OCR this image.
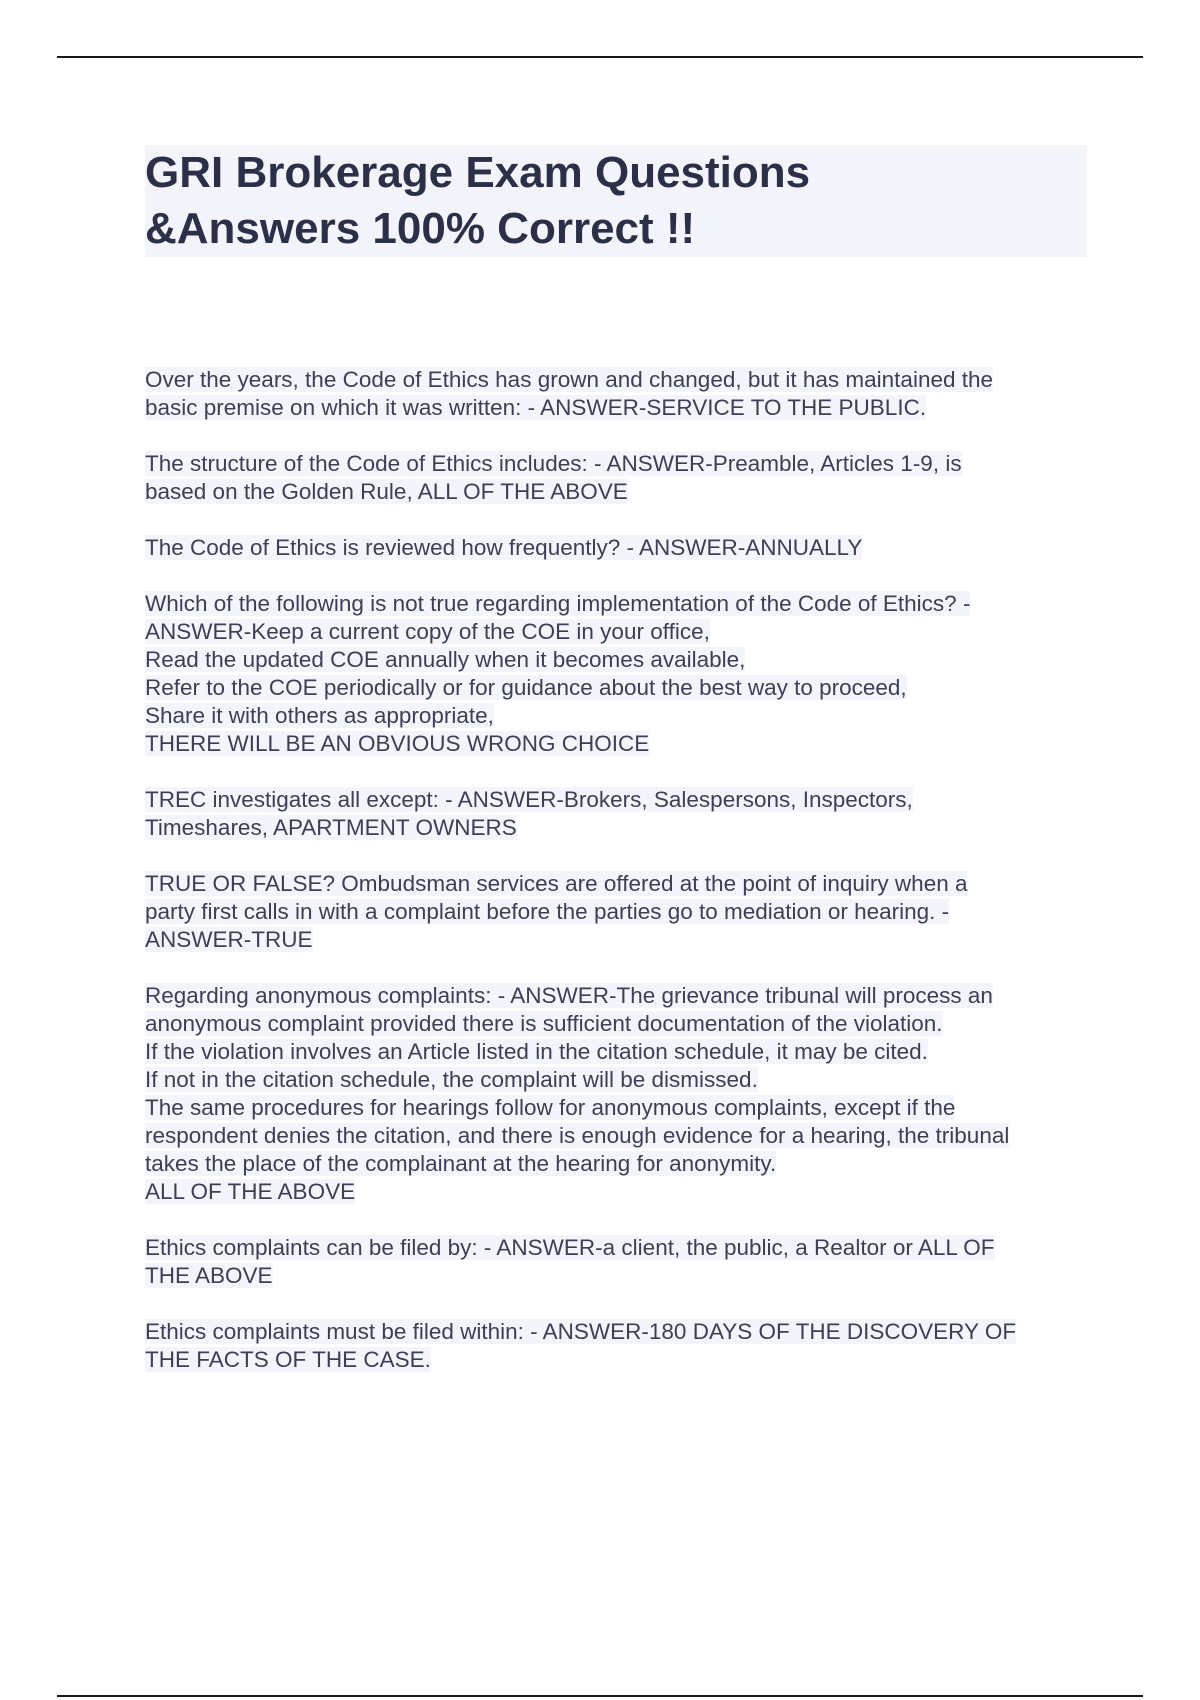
GRI Brokerage Exam Questions
&Answers 100% Correct !!
Over the years, the Code of Ethics has grown and changed, but it has maintained the
basic premise on which it was written: - ANSWER-SERVICE TO THE PUBLIC.
The structure of the Code of Ethics includes: - ANSWER-Preamble, Articles 1-9, is
based on the Golden Rule, ALL OF THE ABOVE
The Code of Ethics is reviewed how frequently? - ANSWER-ANNUALLY
Which of the following is not true regarding implementation of the Code of Ethics? -
ANSWER-Keep a current copy of the COE in your office,
Read the updated COE annually when it becomes available,
Refer to the COE periodically or for guidance about the best way to proceed,
Share it with others as appropriate,
THERE WILL BE AN OBVIOUS WRONG CHOICE
TREC investigates all except: - ANSWER-Brokers, Salespersons, Inspectors,
Timeshares, APARTMENT OWNERS
TRUE OR FALSE? Ombudsman services are offered at the point of inquiry when a
party first calls in with a complaint before the parties go to mediation or hearing. -
ANSWER-TRUE
Regarding anonymous complaints: - ANSWER-The grievance tribunal will process an
anonymous complaint provided there is sufficient documentation of the violation.
If the violation involves an Article listed in the citation schedule, it may be cited.
If not in the citation schedule, the complaint will be dismissed.
The same procedures for hearings follow for anonymous complaints, except if the
respondent denies the citation, and there is enough evidence for a hearing, the tribunal
takes the place of the complainant at the hearing for anonymity.
ALL OF THE ABOVE
Ethics complaints can be filed by: - ANSWER-a client, the public, a Realtor or ALL OF
THE ABOVE
Ethics complaints must be filed within: - ANSWER-180 DAYS OF THE DISCOVERY OF
THE FACTS OF THE CASE.
